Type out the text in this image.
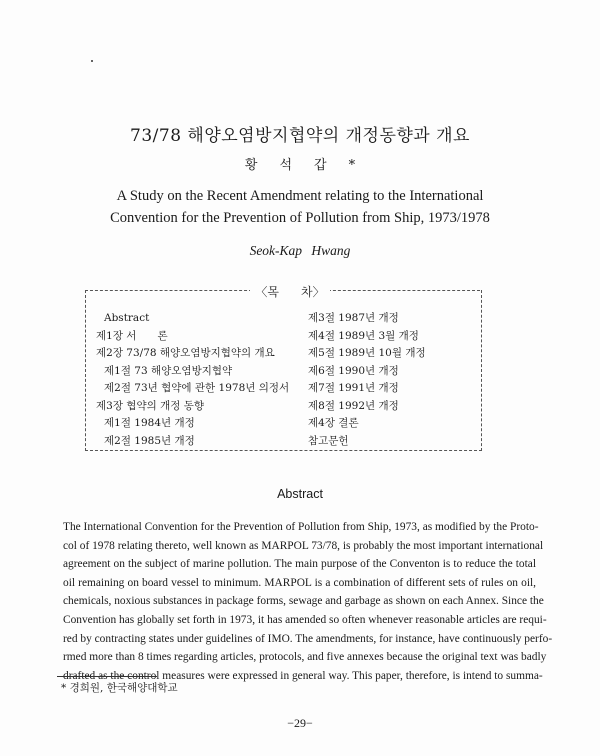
73/78 해양오염방지협약의 개정동향과 개요
황석갑*
A Study on the Recent Amendment relating to the International
Convention for the Prevention of Pollution from Ship, 1973/1978
Seok-Kap Hwang
〈목 차〉
Abstract
제1장 서　　론
제2장 73/78 해양오염방지협약의 개요
제1절 73 해양오염방지협약
제2절 73년 협약에 관한 1978년 의정서
제3장 협약의 개정 동향
제1절 1984년 개정
제2절 1985년 개정
제3절 1987년 개정
제4절 1989년 3월 개정
제5절 1989년 10월 개정
제6절 1990년 개정
제7절 1991년 개정
제8절 1992년 개정
제4장 결론
참고문헌
Abstract
The International Convention for the Prevention of Pollution from Ship, 1973, as modified by the Proto-
col of 1978 relating thereto, well known as MARPOL 73/78, is probably the most important international
agreement on the subject of marine pollution. The main purpose of the Conventon is to reduce the total
oil remaining on board vessel to minimum. MARPOL is a combination of different sets of rules on oil,
chemicals, noxious substances in package forms, sewage and garbage as shown on each Annex. Since the
Convention has globally set forth in 1973, it has amended so often whenever reasonable articles are requi-
red by contracting states under guidelines of IMO. The amendments, for instance, have continuously perfo-
rmed more than 8 times regarding articles, protocols, and five annexes because the original text was badly
drafted as the control measures were expressed in general way. This paper, therefore, is intend to summa-
* 경희원, 한국해양대학교
−29−
